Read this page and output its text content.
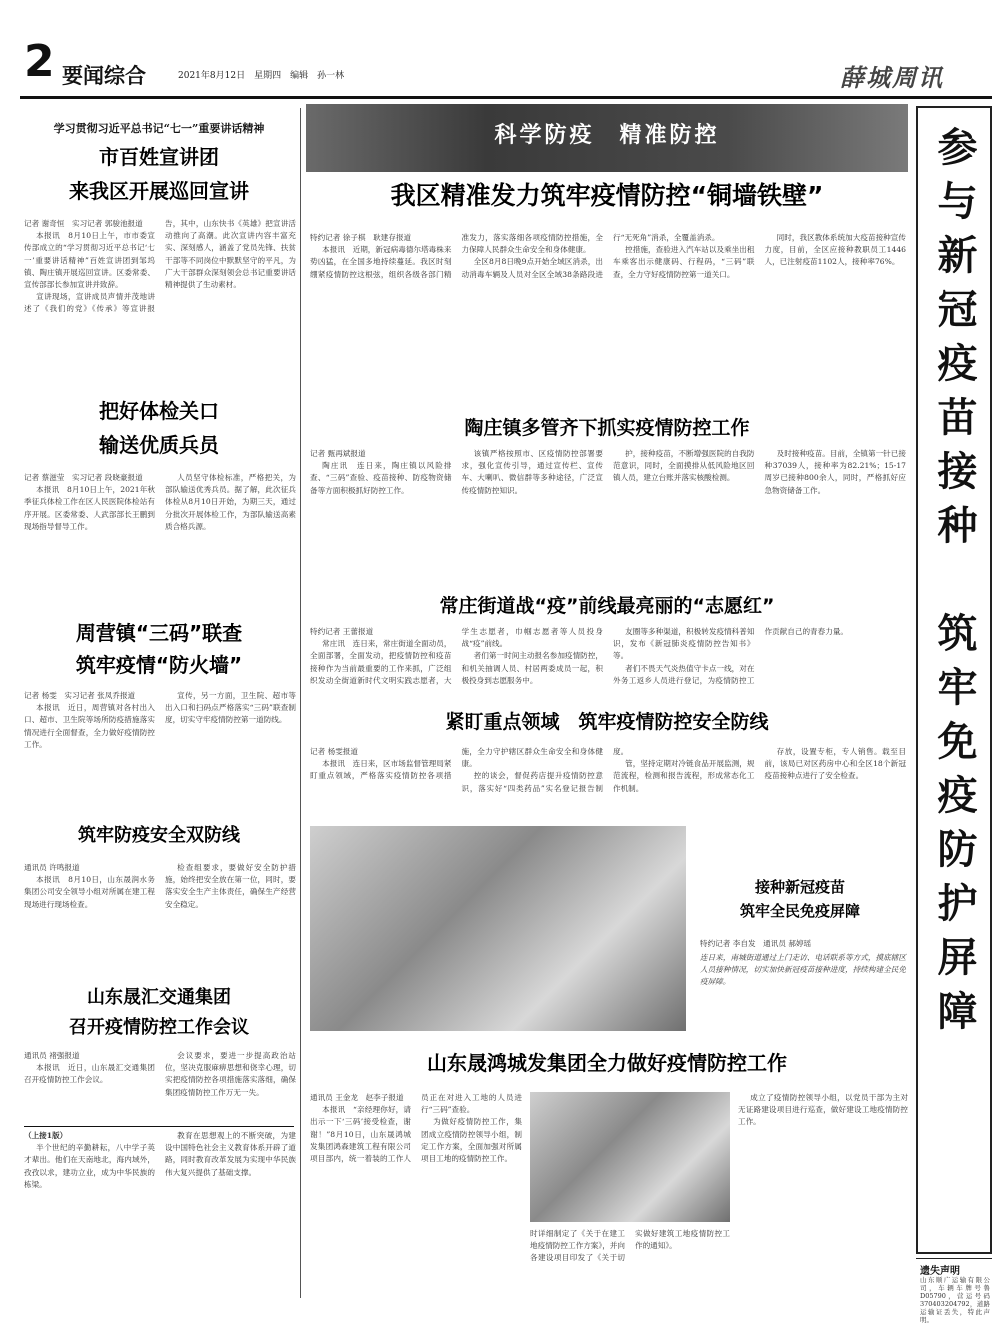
2 要闻综合	2021年8月12日　星期四　编辑　孙一林	薛城周讯
学习贯彻习近平总书记“七一”重要讲话精神
市百姓宣讲团
来我区开展巡回宣讲

记者 谢奇恒　实习记者 郭骏池报道

本报讯　8月10日上午，市市委宣传部成立的“学习贯彻习近平总书记‘七一’重要讲话精神”百姓宣讲团到邹坞镇、陶庄镇开展巡回宣讲。区委常委、宣传部部长参加宣讲并致辞。

宣讲现场，宣讲成员声情并茂地讲述了《我们的党》《传承》等宣讲报告，其中，山东快书《英雄》把宣讲活动推向了高潮。此次宣讲内容丰富充实、深刻感人，涵盖了党员先锋、扶贫干部等不同岗位中默默坚守的平凡，为广大干部群众深刻领会总书记重要讲话精神提供了生动素材。

把好体检关口
输送优质兵员

记者 蔡滋莹　实习记者 段晓豪报道

本报讯　8月10日上午，2021年秋季征兵体检工作在区人民医院体检站有序开展。区委常委、人武部部长王鹏到现场指导督导工作。

人员坚守体检标准，严格把关，为部队输送优秀兵员。据了解，此次征兵体检从8月10日开始，为期三天，通过分批次开展体检工作，为部队输送高素质合格兵源。

周营镇“三码”联查
筑牢疫情“防火墙”

记者 杨雯　实习记者 张凤乔报道

本报讯　近日，周营镇对各村出入口、超市、卫生院等场所防疫措施落实情况进行全面督查，全力做好疫情防控工作。

宣传，另一方面，卫生院、超市等出入口和扫码点严格落实“三码”联查制度，切实守牢疫情防控第一道防线。

筑牢防疫安全双防线

通讯员 许鸣报道

本报讯　8月10日，山东晟润水务集团公司安全领导小组对所属在建工程现场进行现场检查。

检查组要求，要做好安全防护措施，始终把安全放在第一位，同时，要落实安全生产主体责任，确保生产经营安全稳定。

山东晟汇交通集团
召开疫情防控工作会议

通讯员 褚强报道

本报讯　近日，山东晟汇交通集团召开疫情防控工作会议。

会议要求，要进一步提高政治站位，坚决克服麻痹思想和侥幸心理，切实把疫情防控各项措施落实落细，确保集团疫情防控工作万无一失。

（上接1版）

半个世纪的辛勤耕耘，八中学子英才辈出。他们在天南地北，海内域外，孜孜以求，建功立业，成为中华民族的栋梁。

教育在思想观上的不断突破，为建设中国特色社会主义教育体系开辟了道路，同时教育改革发展为实现中华民族伟大复兴提供了基础支撑。

科学防疫　精准防控
我区精准发力筑牢疫情防控“铜墙铁壁”

特约记者 徐子棋　耿建存报道

本报讯　近期，新冠病毒德尔塔毒株来势凶猛，在全国多地持续蔓延。我区时刻绷紧疫情防控这根弦，组织各级各部门精准发力，落实落细各项疫情防控措施，全力保障人民群众生命安全和身体健康。

全区8月8日晚9点开始全域区消杀，出动消毒车辆及人员对全区全域38条路段进行“无死角”消杀，全覆盖消杀。

控措施，查验进入汽车站以及乘坐出租车乘客出示健康码、行程码，“三码”联查，全力守好疫情防控第一道关口。

同时，我区教体系统加大疫苗接种宣传力度，目前，全区应接种教职员工1446人，已注射疫苗1102人，接种率76%。

陶庄镇多管齐下抓实疫情防控工作

记者 甄再斌报道

陶庄讯　连日来，陶庄镇以风险排查、“三码”查验、疫苗接种、防疫物资储备等方面积极抓好防控工作。

该镇严格按照市、区疫情防控部署要求，强化宣传引导，通过宣传栏、宣传车、大喇叭、微信群等多种途径，广泛宣传疫情防控知识。

护，接种疫苗，不断增强医院的自我防范意识，同时，全面摸排从低风险地区回镇人员，建立台账并落实核酸检测。

及时接种疫苗。目前，全镇第一针已接种37039人，接种率为82.21%；15-17周岁已接种800余人，同时，严格抓好应急物资储备工作。

常庄街道战“疫”前线最亮丽的“志愿红”

特约记者 王蕾报道

常庄讯　连日来，常庄街道全面动员，全面部署，全面发动，把疫情防控和疫苗接种作为当前最重要的工作来抓，广泛组织发动全街道新时代文明实践志愿者，大学生志愿者，巾帼志愿者等人员投身战“疫”前线。

者们第一时间主动报名参加疫情防控，和机关抽调人员、村居两委成员一起，积极投身到志愿服务中。

友圈等多种渠道，积极转发疫情科普知识，发布《新冠肺炎疫情防控告知书》等。

者们不畏天气炎热值守卡点一线，对在外务工返乡人员进行登记，为疫情防控工作贡献自己的青春力量。

紧盯重点领域　筑牢疫情防控安全防线

记者 杨雯报道

本报讯　连日来，区市场监督管理局紧盯重点领域，严格落实疫情防控各项措施，全力守护辖区群众生命安全和身体健康。

控的谈会，督促药店提升疫情防控意识，落实好“四类药品”实名登记报告制度。

管，坚持定期对冷链食品开展监测，规范流程，检测和报告流程，形成常态化工作机制。

存放，设置专柜，专人销售。载至目前，该局已对区药房中心和全区18个新冠疫苗接种点进行了安全检查。

接种新冠疫苗
筑牢全民免疫屏障
特约记者 李自发　通讯员 郝婷瑶

连日来，南城街道通过上门走访、电话联系等方式，摸底辖区人员接种情况，切实加快新冠疫苗接种进度，持续构建全民免疫屏障。

山东晟鸿城发集团全力做好疫情防控工作

通讯员 王金龙　赵李子报道

本报讯　“亲经理你好，请出示一下‘三码’接受检查，谢谢！”8月10日，山东晟鸿城发集团鸿森建筑工程有限公司项目部内，统一着装的工作人员正在对进入工地的人员进行“三码”查验。

为做好疫情防控工作，集团成立疫情防控领导小组，制定工作方案，全面加强对所属项目工地的疫情防控工作。

时详细制定了《关于在建工地疫情防控工作方案》，并向各建设项目印发了《关于切实做好建筑工地疫情防控工作的通知》。

成立了疫情防控领导小组，以党员干部为主对无证路建设项目进行巡查，做好建设工地疫情防控工作。

参与新冠疫苗接种　筑牢免疫防护屏障
遗失声明

山东顺广运输有限公司，车辆车牌号鲁D05790，营运号码370403204792，道路运输证丢失，特此声明。
